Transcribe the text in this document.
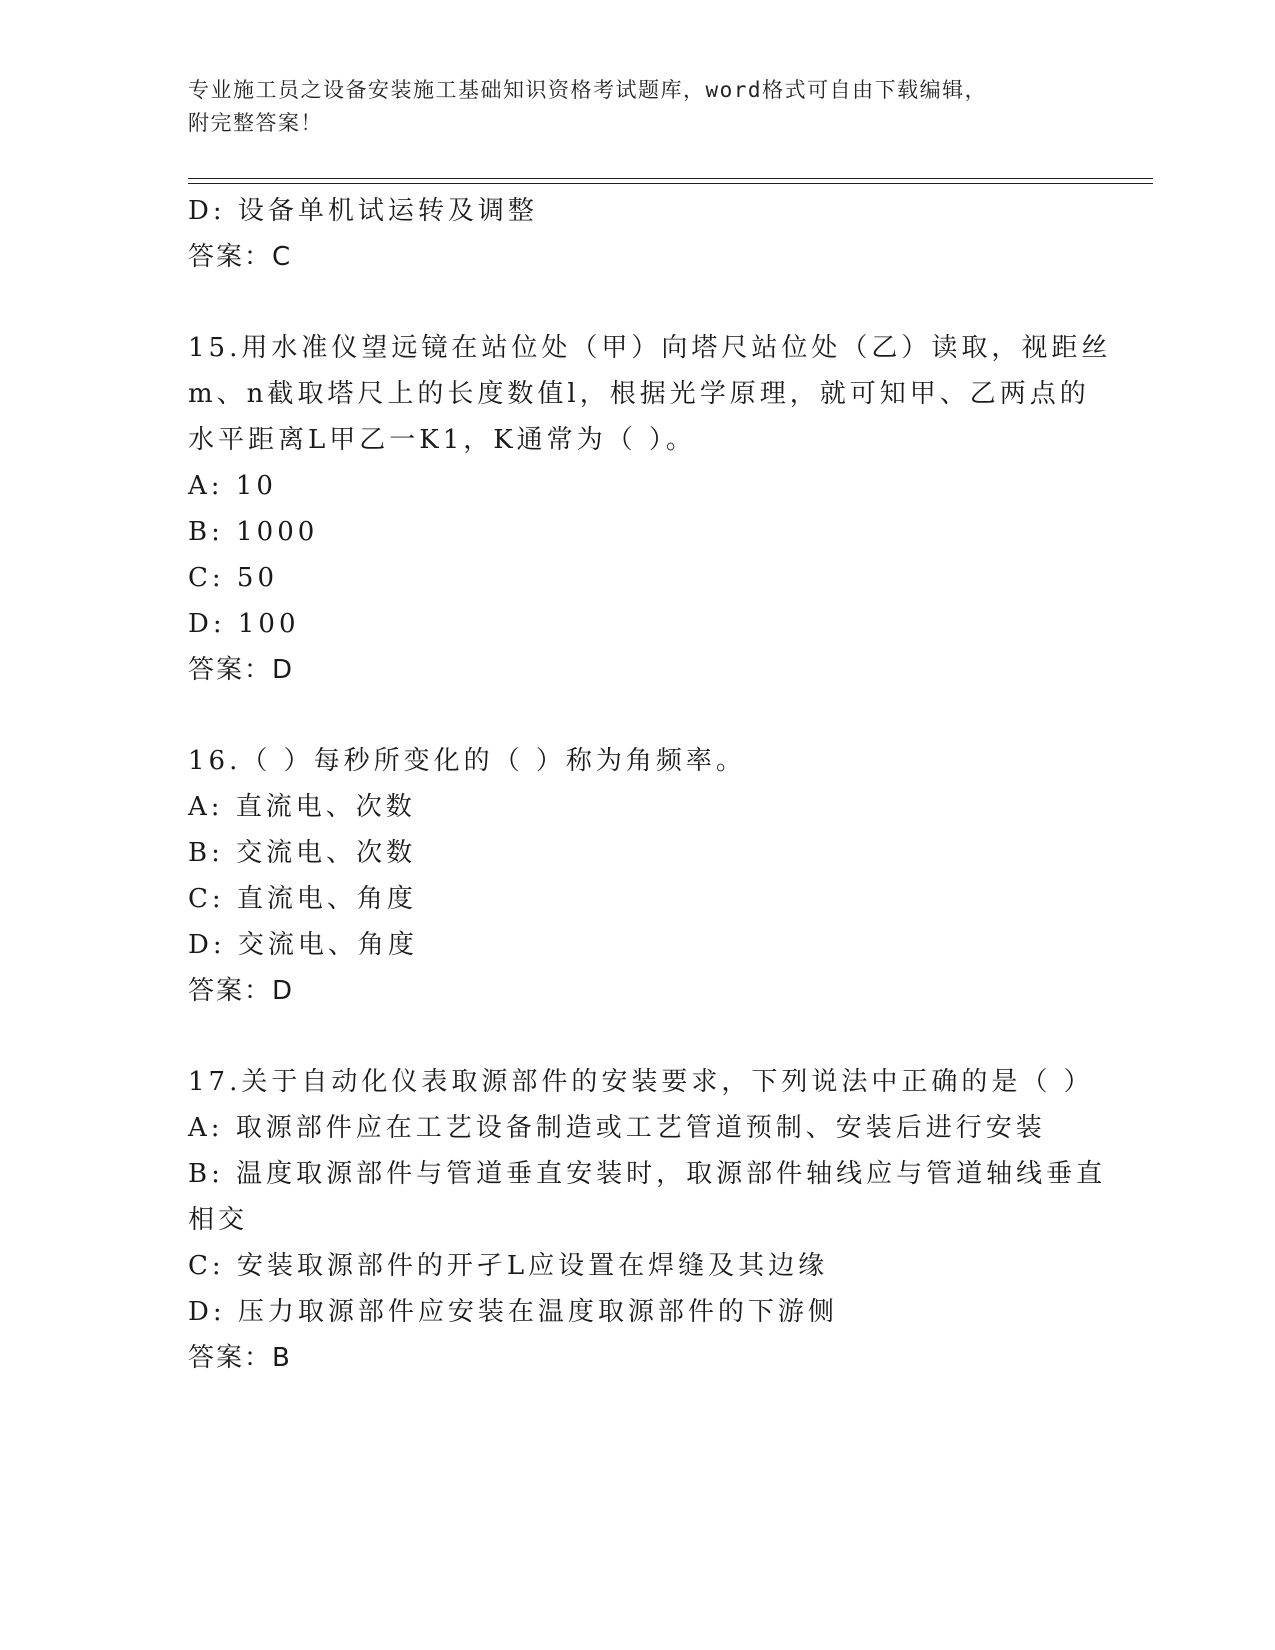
专业施工员之设备安装施工基础知识资格考试题库，word格式可自由下载编辑，
附完整答案！
D: 设备单机试运转及调整
答案：C
15.用水准仪望远镜在站位处（甲）向塔尺站位处（乙）读取，视距丝
m、n截取塔尺上的长度数值l，根据光学原理，就可知甲、乙两点的
水平距离L甲乙一K1，K通常为（ ）。
A: 10
B: 1000
C: 50
D: 100
答案：D
16.（ ）每秒所变化的（ ）称为角频率。
A: 直流电、次数
B: 交流电、次数
C: 直流电、角度
D: 交流电、角度
答案：D
17.关于自动化仪表取源部件的安装要求，下列说法中正确的是（ ）
A: 取源部件应在工艺设备制造或工艺管道预制、安装后进行安装
B: 温度取源部件与管道垂直安装时，取源部件轴线应与管道轴线垂直
相交
C: 安装取源部件的开孑L应设置在焊缝及其边缘
D: 压力取源部件应安装在温度取源部件的下游侧
答案：B
